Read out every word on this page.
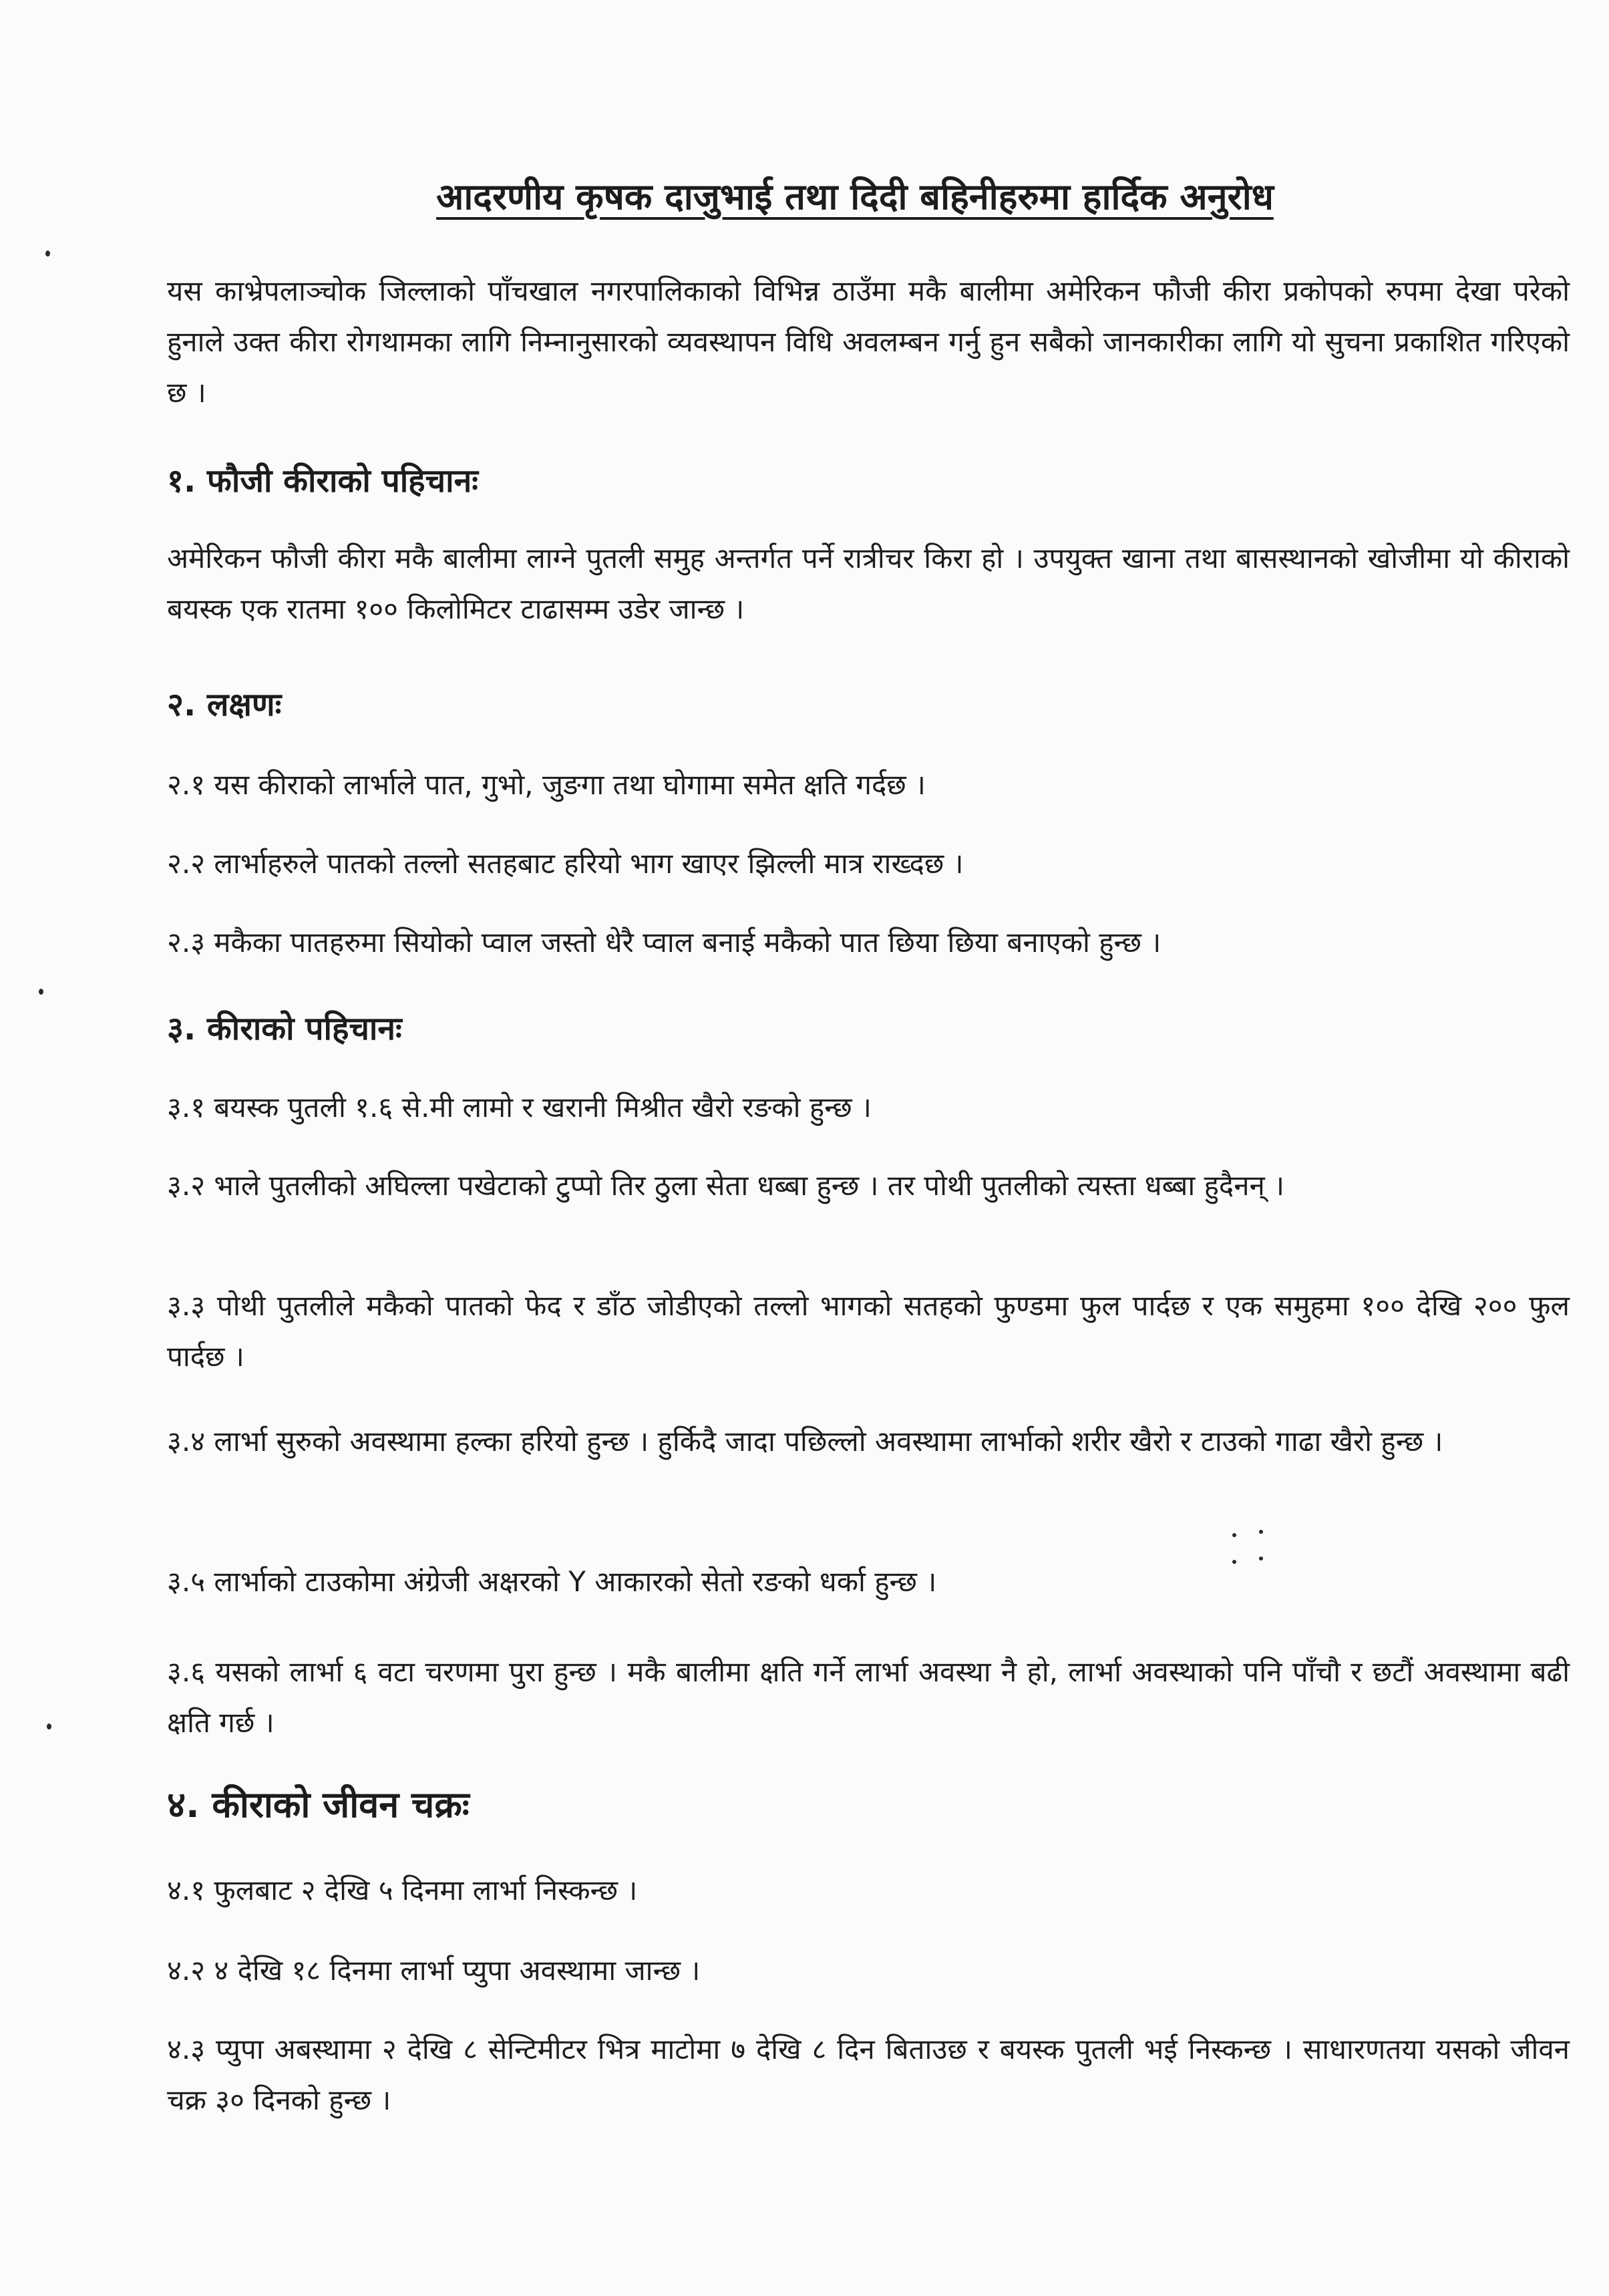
आदरणीय कृषक दाजुभाई तथा दिदी बहिनीहरुमा हार्दिक अनुरोध
यस काभ्रेपलाञ्चोक जिल्लाको पाँचखाल नगरपालिकाको विभिन्न ठाउँमा मकै बालीमा अमेरिकन फौजी कीरा प्रकोपको रुपमा देखा परेको हुनाले उक्त कीरा रोगथामका लागि निम्नानुसारको व्यवस्थापन विधि अवलम्बन गर्नु हुन सबैको जानकारीका लागि यो सुचना प्रकाशित गरिएको छ ।
१. फौजी कीराको पहिचानः
अमेरिकन फौजी कीरा मकै बालीमा लाग्ने पुतली समुह अन्तर्गत पर्ने रात्रीचर किरा हो । उपयुक्त खाना तथा बासस्थानको खोजीमा यो कीराको बयस्क एक रातमा १०० किलोमिटर टाढासम्म उडेर जान्छ ।
२. लक्षणः
२.१ यस कीराको लार्भाले पात, गुभो, जुङगा तथा घोगामा समेत क्षति गर्दछ ।
२.२ लार्भाहरुले पातको तल्लो सतहबाट हरियो भाग खाएर झिल्ली मात्र राख्दछ ।
२.३ मकैका पातहरुमा सियोको प्वाल जस्तो धेरै प्वाल बनाई मकैको पात छिया छिया बनाएको हुन्छ ।
३. कीराको पहिचानः
३.१ बयस्क पुतली १.६ से.मी लामो र खरानी मिश्रीत खैरो रङको हुन्छ ।
३.२ भाले पुतलीको अघिल्ला पखेटाको टुप्पो तिर ठुला सेता धब्बा हुन्छ । तर पोथी पुतलीको त्यस्ता धब्बा हुदैनन् ।
३.३ पोथी पुतलीले मकैको पातको फेद र डाँठ जोडीएको तल्लो भागको सतहको फुण्डमा फुल पार्दछ र एक समुहमा १०० देखि २०० फुल पार्दछ ।
३.४ लार्भा सुरुको अवस्थामा हल्का हरियो हुन्छ । हुर्किदै जादा पछिल्लो अवस्थामा लार्भाको शरीर खैरो र टाउको गाढा खैरो हुन्छ ।
३.५ लार्भाको टाउकोमा अंग्रेजी अक्षरको Y आकारको सेतो रङको धर्का हुन्छ ।
३.६ यसको लार्भा ६ वटा चरणमा पुरा हुन्छ । मकै बालीमा क्षति गर्ने लार्भा अवस्था नै हो, लार्भा अवस्थाको पनि पाँचौ र छटौं अवस्थामा बढी क्षति गर्छ ।
४. कीराको जीवन चक्रः
४.१ फुलबाट २ देखि ५ दिनमा लार्भा निस्कन्छ ।
४.२ ४ देखि १८ दिनमा लार्भा प्युपा अवस्थामा जान्छ ।
४.३ प्युपा अबस्थामा २ देखि ८ सेन्टिमीटर भित्र माटोमा ७ देखि ८ दिन बिताउछ र बयस्क पुतली भई निस्कन्छ । साधारणतया यसको जीवन चक्र ३० दिनको हुन्छ ।
